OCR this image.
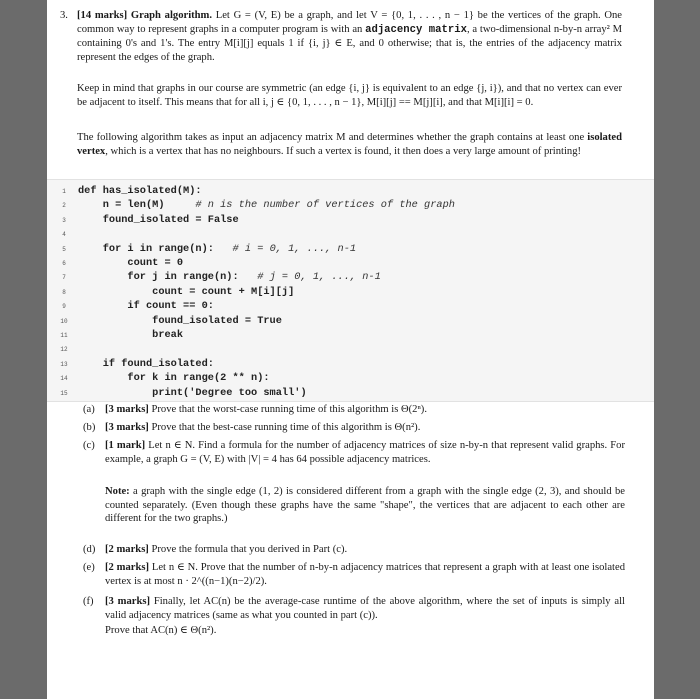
3. [14 marks] Graph algorithm. Let G = (V, E) be a graph, and let V = {0, 1, . . . , n − 1} be the vertices of the graph. One common way to represent graphs in a computer program is with an adjacency matrix, a two-dimensional n-by-n array² M containing 0's and 1's. The entry M[i][j] equals 1 if {i, j} ∈ E, and 0 otherwise; that is, the entries of the adjacency matrix represent the edges of the graph.
Keep in mind that graphs in our course are symmetric (an edge {i, j} is equivalent to an edge {j, i}), and that no vertex can ever be adjacent to itself. This means that for all i, j ∈ {0, 1, . . . , n − 1}, M[i][j] == M[j][i], and that M[i][i] = 0.
The following algorithm takes as input an adjacency matrix M and determines whether the graph contains at least one isolated vertex, which is a vertex that has no neighbours. If such a vertex is found, it then does a very large amount of printing!
1	def has_isolated(M):
2	n = len(M)     # n is the number of vertices of the graph
3	found_isolated = False
4
5	for i in range(n):   # i = 0, 1, ..., n-1
6	count = 0
7	for j in range(n):   # j = 0, 1, ..., n-1
8	count = count + M[i][j]
9	if count == 0:
10	found_isolated = True
11	break
12
13	if found_isolated:
14	for k in range(2 ** n):
15	print('Degree too small')
(a) [3 marks] Prove that the worst-case running time of this algorithm is Θ(2ⁿ).
(b) [3 marks] Prove that the best-case running time of this algorithm is Θ(n²).
(c) [1 mark] Let n ∈ N. Find a formula for the number of adjacency matrices of size n-by-n that represent valid graphs. For example, a graph G = (V, E) with |V| = 4 has 64 possible adjacency matrices.
Note: a graph with the single edge (1, 2) is considered different from a graph with the single edge (2, 3), and should be counted separately. (Even though these graphs have the same "shape", the vertices that are adjacent to each other are different for the two graphs.)
(d) [2 marks] Prove the formula that you derived in Part (c).
(e) [2 marks] Let n ∈ N. Prove that the number of n-by-n adjacency matrices that represent a graph with at least one isolated vertex is at most n · 2^((n−1)(n−2)/2).
(f)	[3 marks] Finally, let AC(n) be the average-case runtime of the above algorithm, where the set of inputs is simply all valid adjacency matrices (same as what you counted in part (c)).
Prove that AC(n) ∈ Θ(n²).
